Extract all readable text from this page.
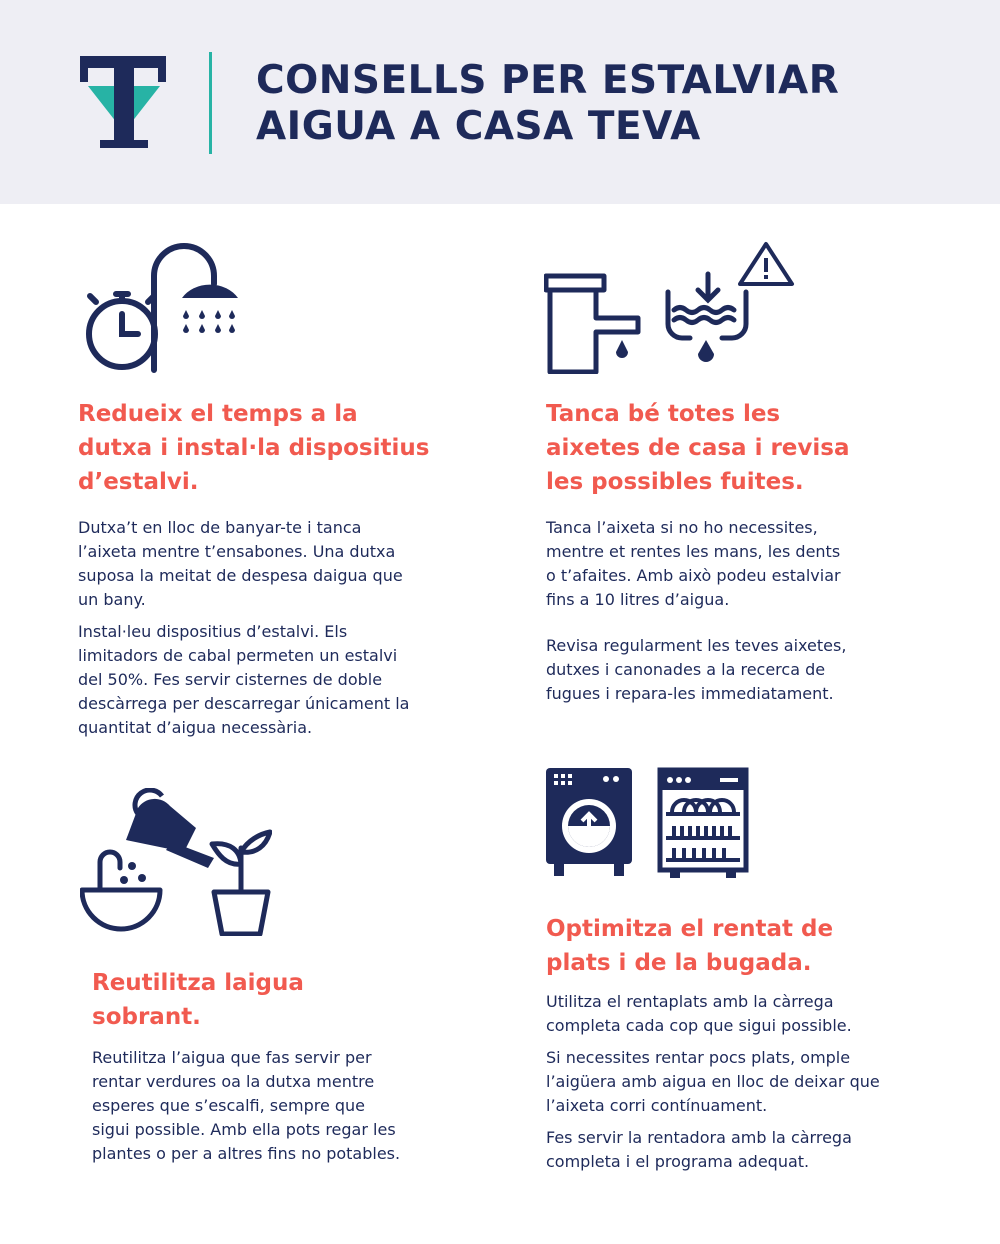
CONSELLS PER ESTALVIAR
AIGUA A CASA TEVA
Redueix el temps a la
dutxa i instal·la dispositius
d’estalvi.

Dutxa’t en lloc de banyar-te i tanca
l’aixeta mentre t’ensabones. Una dutxa
suposa la meitat de despesa daigua que
un bany.

Instal·leu dispositius d’estalvi. Els
limitadors de cabal permeten un estalvi
del 50%. Fes servir cisternes de doble
descàrrega per descarregar únicament la
quantitat d’aigua necessària.

Tanca bé totes les
aixetes de casa i revisa
les possibles fuites.

Tanca l’aixeta si no ho necessites,
mentre et rentes les mans, les dents
o t’afaites. Amb això podeu estalviar
fins a 10 litres d’aigua.

Revisa regularment les teves aixetes,
dutxes i canonades a la recerca de
fugues i repara-les immediatament.

Reutilitza laigua
sobrant.

Reutilitza l’aigua que fas servir per
rentar verdures oa la dutxa mentre
esperes que s’escalfi, sempre que
sigui possible. Amb ella pots regar les
plantes o per a altres fins no potables.

Optimitza el rentat de
plats i de la bugada.

Utilitza el rentaplats amb la càrrega
completa cada cop que sigui possible.

Si necessites rentar pocs plats, omple
l’aigüera amb aigua en lloc de deixar que
l’aixeta corri contínuament.

Fes servir la rentadora amb la càrrega
completa i el programa adequat.
